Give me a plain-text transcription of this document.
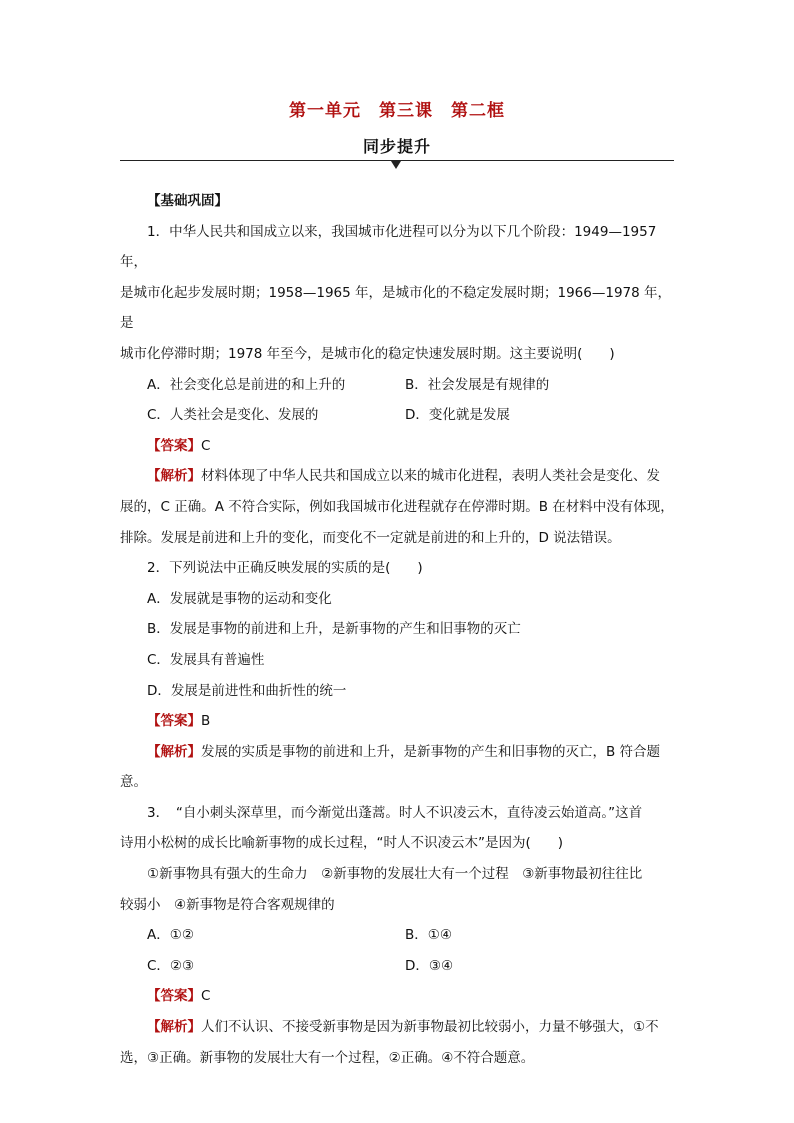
第一单元　第三课　第二框
同步提升

【基础巩固】

1．中华人民共和国成立以来，我国城市化进程可以分为以下几个阶段：1949—1957 年，

是城市化起步发展时期；1958—1965 年，是城市化的不稳定发展时期；1966—1978 年，是

城市化停滞时期；1978 年至今，是城市化的稳定快速发展时期。这主要说明(　　)

A．社会变化总是前进的和上升的	B．社会发展是有规律的
C．人类社会是变化、发展的	D．变化就是发展

【答案】C

【解析】材料体现了中华人民共和国成立以来的城市化进程，表明人类社会是变化、发

展的，C 正确。A 不符合实际，例如我国城市化进程就存在停滞时期。B 在材料中没有体现，

排除。发展是前进和上升的变化，而变化不一定就是前进的和上升的，D 说法错误。

2．下列说法中正确反映发展的实质的是(　　)

A．发展就是事物的运动和变化

B．发展是事物的前进和上升，是新事物的产生和旧事物的灭亡

C．发展具有普遍性

D．发展是前进性和曲折性的统一

【答案】B

【解析】发展的实质是事物的前进和上升，是新事物的产生和旧事物的灭亡，B 符合题

意。

3．　“自小刺头深草里，而今渐觉出蓬蒿。时人不识凌云木，直待凌云始道高。”这首

诗用小松树的成长比喻新事物的成长过程，“时人不识凌云木”是因为(　　)

①新事物具有强大的生命力　②新事物的发展壮大有一个过程　③新事物最初往往比

较弱小　④新事物是符合客观规律的

A．①②	B．①④
C．②③	D．③④

【答案】C

【解析】人们不认识、不接受新事物是因为新事物最初比较弱小，力量不够强大，①不

选，③正确。新事物的发展壮大有一个过程，②正确。④不符合题意。
